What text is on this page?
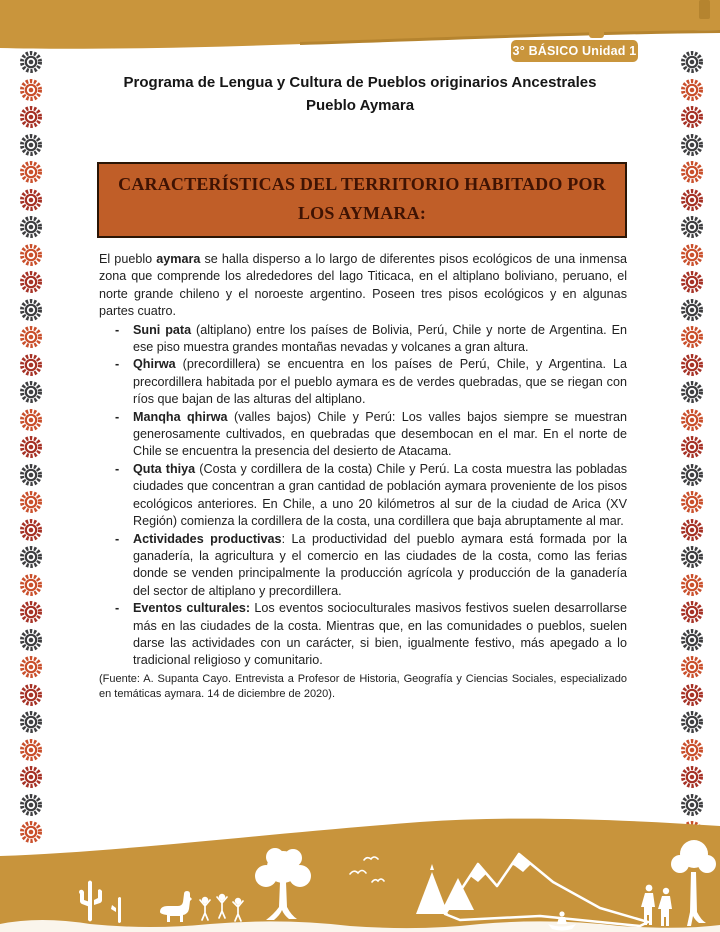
3° BÁSICO Unidad 1
Programa de Lengua y Cultura de Pueblos originarios Ancestrales
Pueblo Aymara
CARACTERÍSTICAS DEL TERRITORIO HABITADO POR LOS AYMARA:

El pueblo aymara se halla disperso a lo largo de diferentes pisos ecológicos de una inmensa zona que comprende los alrededores del lago Titicaca, en el altiplano boliviano, peruano, el norte grande chileno y el noroeste argentino. Poseen tres pisos ecológicos y en algunas partes cuatro.

- Suni pata (altiplano) entre los países de Bolivia, Perú, Chile y norte de Argentina. En ese piso muestra grandes montañas nevadas y volcanes a gran altura.
- Qhirwa (precordillera) se encuentra en los países de Perú, Chile, y Argentina. La precordillera habitada por el pueblo aymara es de verdes quebradas, que se riegan con ríos que bajan de las alturas del altiplano.
- Manqha qhirwa (valles bajos) Chile y Perú: Los valles bajos siempre se muestran generosamente cultivados, en quebradas que desembocan en el mar. En el norte de Chile se encuentra la presencia del desierto de Atacama.
- Quta thiya (Costa y cordillera de la costa) Chile y Perú. La costa muestra las pobladas ciudades que concentran a gran cantidad de población aymara proveniente de los pisos ecológicos anteriores. En Chile, a uno 20 kilómetros al sur de la ciudad de Arica (XV Región) comienza la cordillera de la costa, una cordillera que baja abruptamente al mar.
- Actividades productivas: La productividad del pueblo aymara está formada por la ganadería, la agricultura y el comercio en las ciudades de la costa, como las ferias donde se venden principalmente la producción agrícola y producción de la ganadería del sector de altiplano y precordillera.
- Eventos culturales: Los eventos socioculturales masivos festivos suelen desarrollarse más en las ciudades de la costa. Mientras que, en las comunidades o pueblos, suelen darse las actividades con un carácter, si bien, igualmente festivo, más apegado a lo tradicional religioso y comunitario.
(Fuente: A. Supanta Cayo. Entrevista a Profesor de Historia, Geografía y Ciencias Sociales, especializado en temáticas aymara. 14 de diciembre de 2020).
